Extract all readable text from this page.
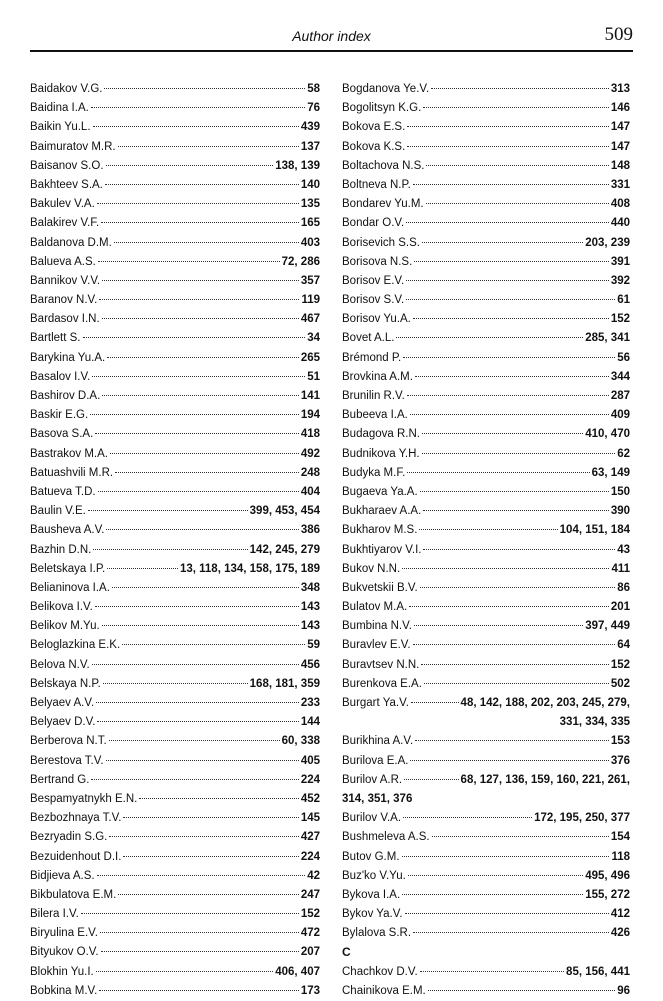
Author index	509
Baidakov V.G.	58
Baidina I.A.	76
Baikin Yu.L.	439
Baimuratov M.R.	137
Baisanov S.O.	138, 139
Bakhteev S.A.	140
Bakulev V.A.	135
Balakirev V.F.	165
Baldanova D.M.	403
Balueva A.S.	72, 286
Bannikov V.V.	357
Baranov N.V.	119
Bardasov I.N.	467
Bartlett S.	34
Barykina Yu.A.	265
Basalov I.V.	51
Bashirov D.A.	141
Baskir E.G.	194
Basova S.A.	418
Bastrakov M.A.	492
Batuashvili M.R.	248
Batueva T.D.	404
Baulin V.E.	399, 453, 454
Bausheva A.V.	386
Bazhin D.N.	142, 245, 279
Beletskaya I.P.	13, 118, 134, 158, 175, 189
Belianinova I.A.	348
Belikova I.V.	143
Belikov M.Yu.	143
Beloglazkina E.K.	59
Belova N.V.	456
Belskaya N.P.	168, 181, 359
Belyaev A.V.	233
Belyaev D.V.	144
Berberova N.T.	60, 338
Berestova T.V.	405
Bertrand G.	224
Bespamyatnykh E.N.	452
Bezbozhnaya T.V.	145
Bezryadin S.G.	427
Bezuidenhout D.I.	224
Bidjieva A.S.	42
Bikbulatova E.M.	247
Bilera I.V.	152
Biryulina E.V.	472
Bityukov O.V.	207
Blokhin Yu.I.	406, 407
Bobkina M.V.	173
Bogdanova Ye.V.	313
Bogolitsyn K.G.	146
Bokova E.S.	147
Bokova K.S.	147
Boltachova N.S.	148
Boltneva N.P.	331
Bondarev Yu.M.	408
Bondar O.V.	440
Borisevich S.S.	203, 239
Borisova N.S.	391
Borisov E.V.	392
Borisov S.V.	61
Borisov Yu.A.	152
Bovet A.L.	285, 341
Brémond P.	56
Brovkina A.M.	344
Brunilin R.V.	287
Bubeeva I.A.	409
Budagova R.N.	410, 470
Budnikova Y.H.	62
Budyka M.F.	63, 149
Bugaeva Ya.A.	150
Bukharaev A.A.	390
Bukharov M.S.	104, 151, 184
Bukhtiyarov V.I.	43
Bukov N.N.	411
Bukvetskii B.V.	86
Bulatov M.A.	201
Bumbina N.V.	397, 449
Buravlev E.V.	64
Buravtsev N.N.	152
Burenkova E.A.	502
Burgart Ya.V.	48, 142, 188, 202, 203, 245, 279,
331, 334, 335
Burikhina A.V.	153
Burilova E.A.	376
Burilov A.R.	68, 127, 136, 159, 160, 221, 261,
314, 351, 376
Burilov V.A.	172, 195, 250, 377
Bushmeleva A.S.	154
Butov G.M.	118
Buz'ko V.Yu.	495, 496
Bykova I.A.	155, 272
Bykov Ya.V.	412
Bylalova S.R.	426
C
Chachkov D.V.	85, 156, 441
Chainikova E.M.	96
